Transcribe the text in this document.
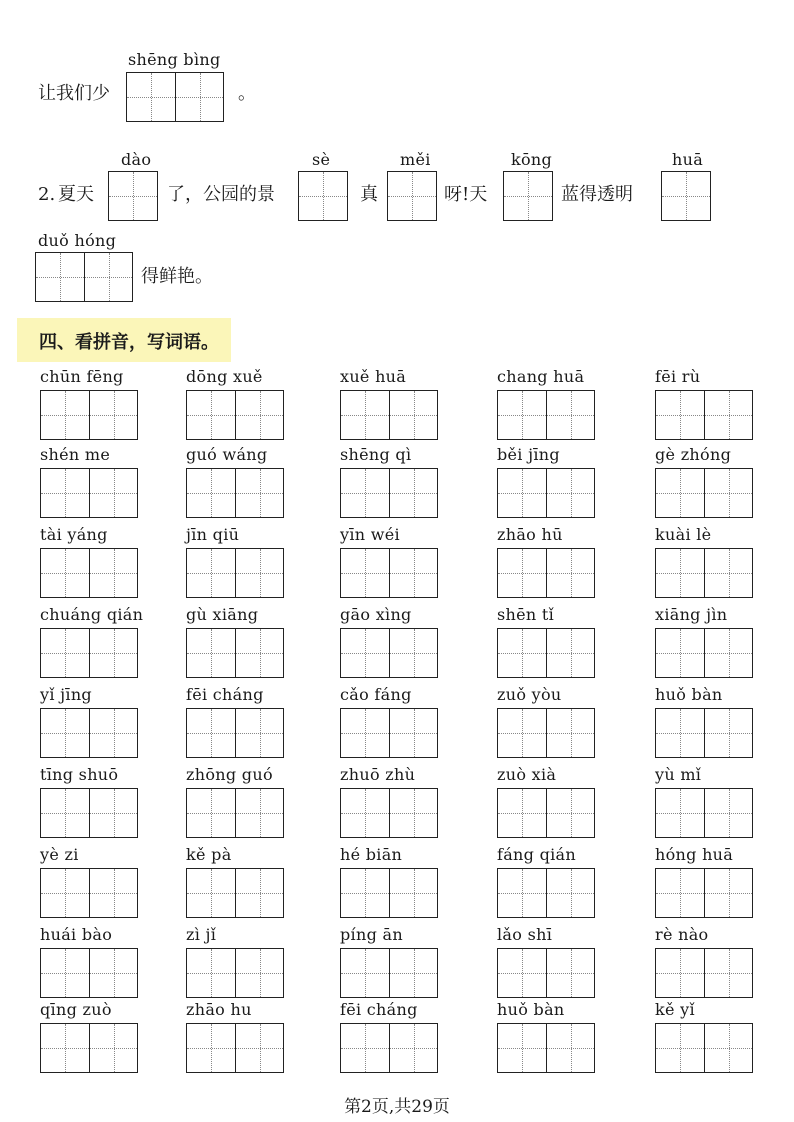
shēng bìng
让我们少	。
2. 夏天
dào
了，公园的景
sè
真
měi
呀!天
kōng
蓝得透明
huā
duǒ hóng
得鲜艳。
四、看拼音，写词语。
chūn fēng	dōng xuě	xuě huā	chang huā	fēi rù
shén me	guó wáng	shēng qì	běi jīng	gè zhóng
tài yáng	jīn qiū	yīn wéi	zhāo hū	kuài lè
chuáng qián	gù xiāng	gāo xìng	shēn tǐ	xiāng jìn
yǐ jīng	fēi cháng	cǎo fáng	zuǒ yòu	huǒ bàn
tīng shuō	zhōng guó	zhuō zhù	zuò xià	yù mǐ
yè zi	kě pà	hé biān	fáng qián	hóng huā
huái bào	zì jǐ	píng ān	lǎo shī	rè nào
qīng zuò	zhāo hu	fēi cháng	huǒ bàn	kě yǐ
第2页,共29页
